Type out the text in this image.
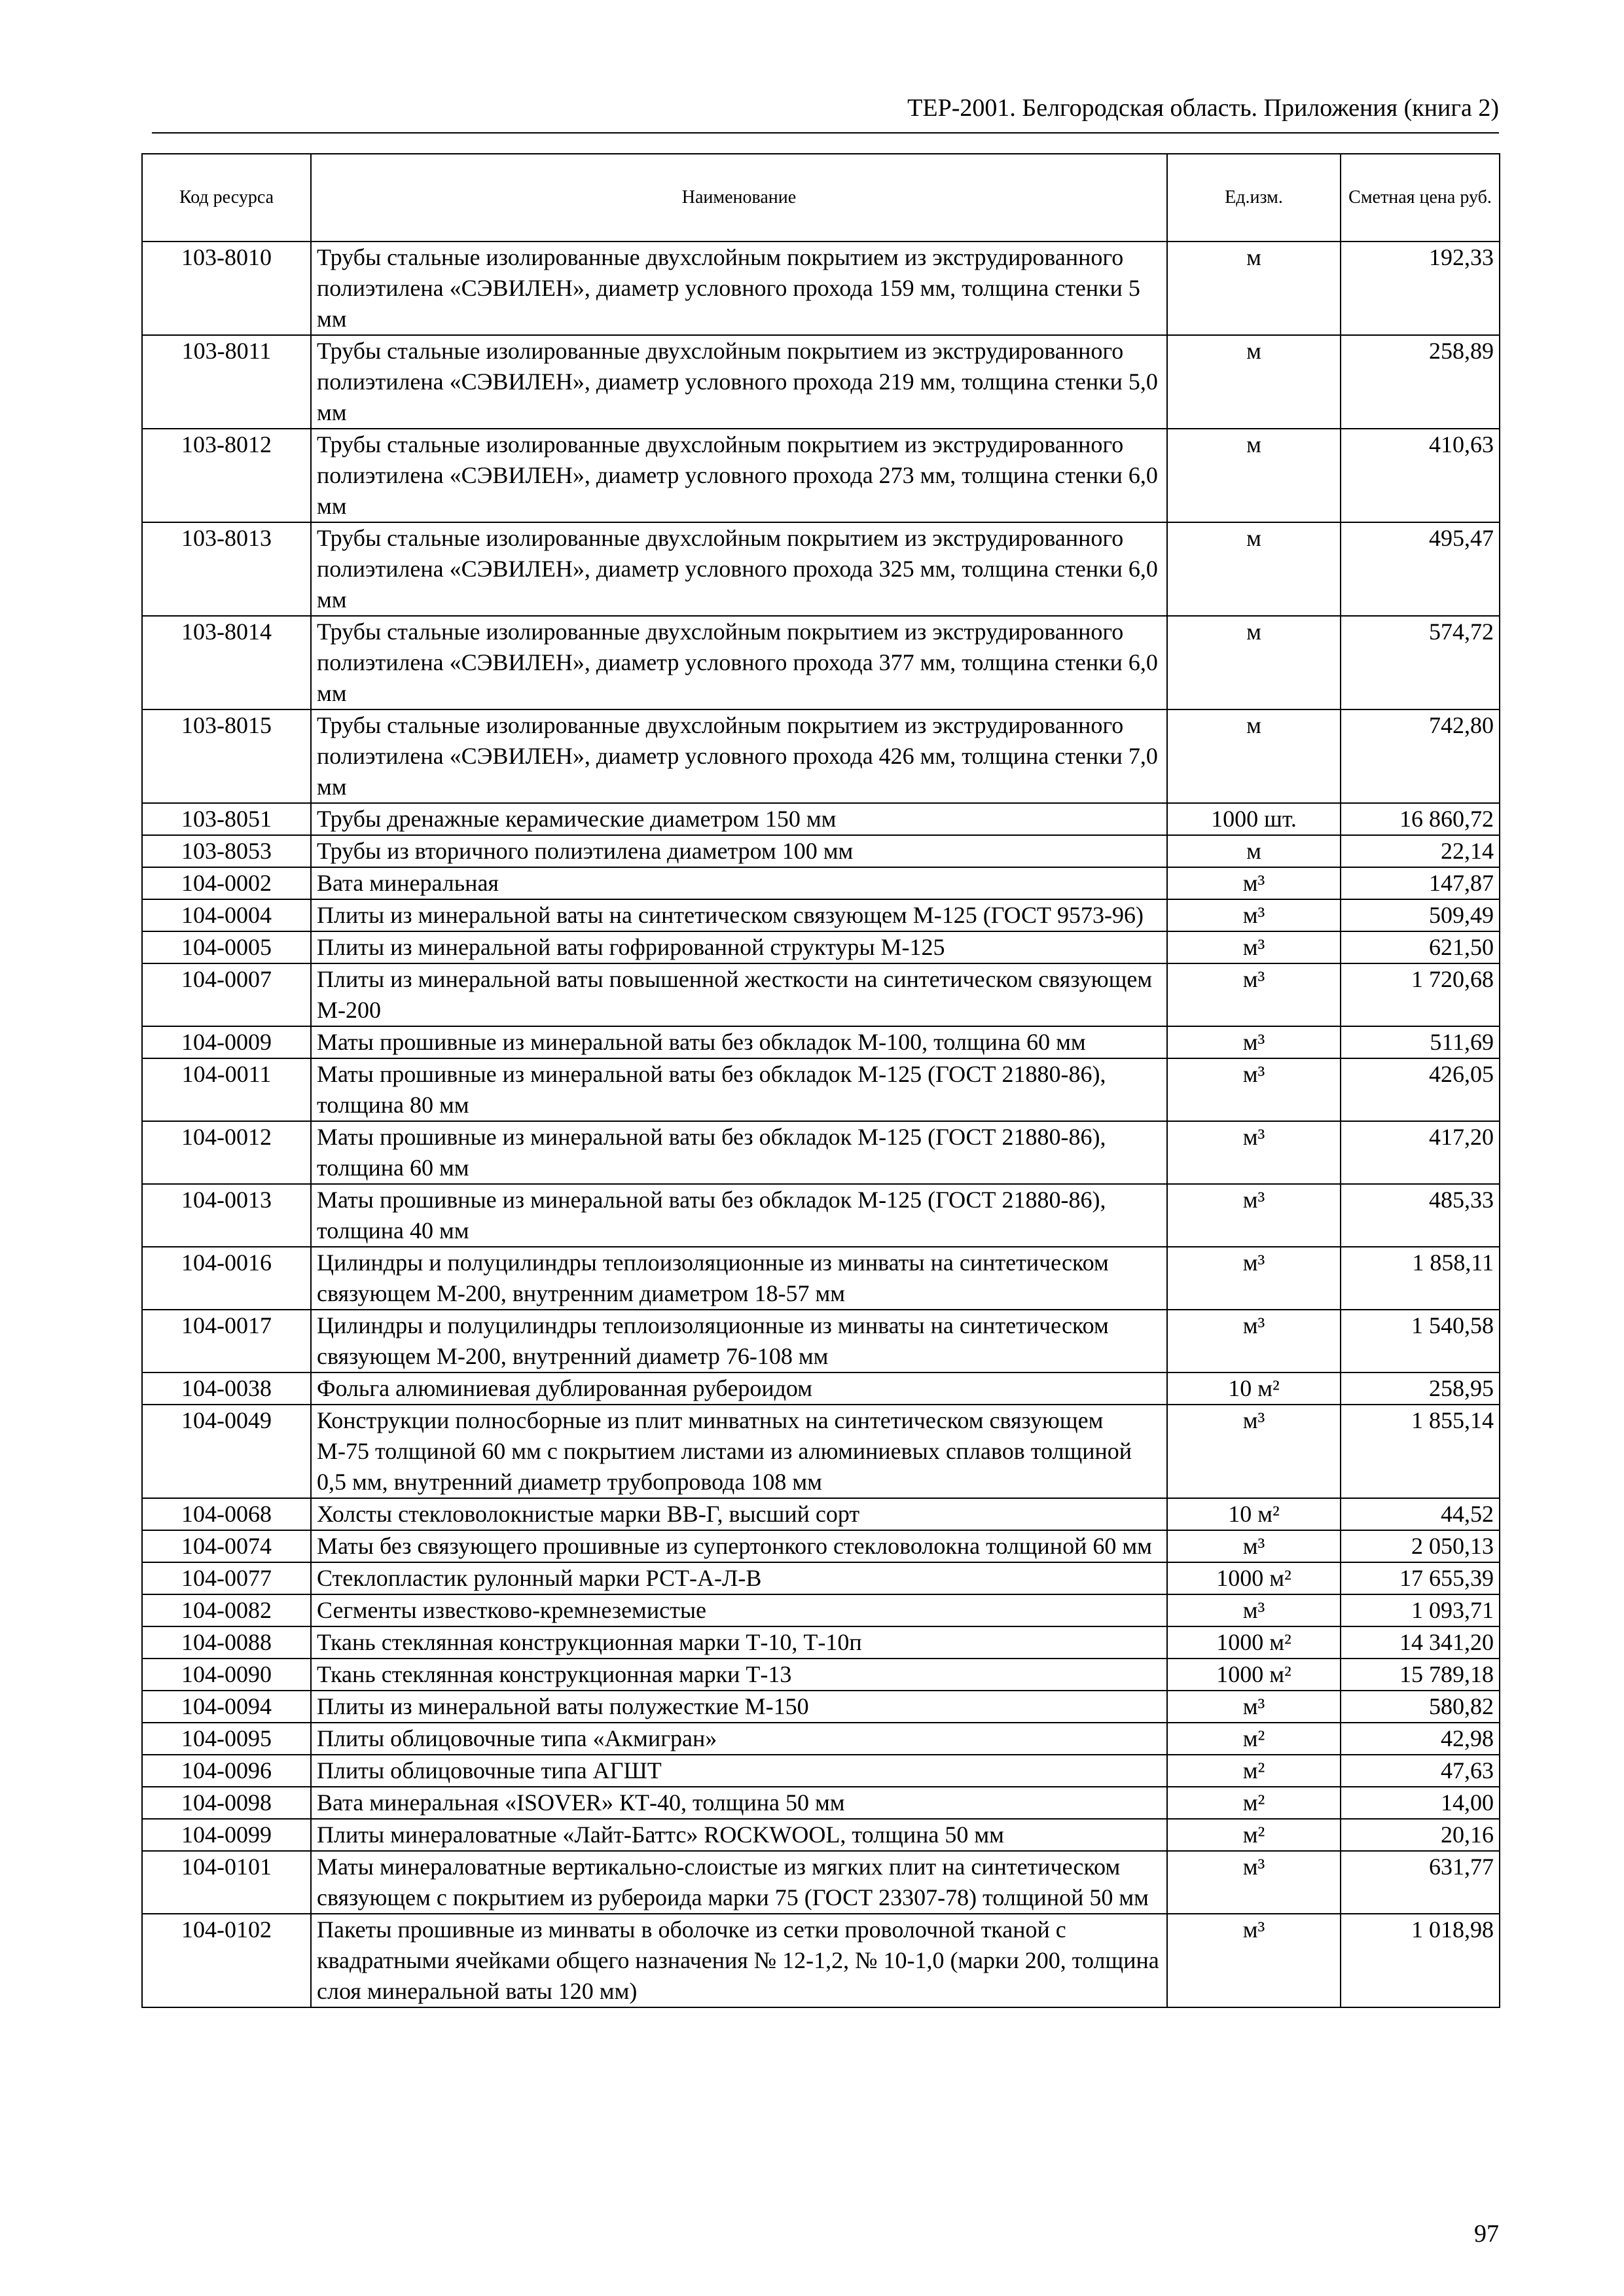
ТЕР-2001. Белгородская область. Приложения (книга 2)
Код ресурса	Наименование	Ед.изм.	Сметная цена руб.
103-8010	Трубы стальные изолированные двухслойным покрытием из экструдированного полиэтилена «СЭВИЛЕН», диаметр условного прохода 159 мм, толщина стенки 5 мм	м	192,33
103-8011	Трубы стальные изолированные двухслойным покрытием из экструдированного полиэтилена «СЭВИЛЕН», диаметр условного прохода 219 мм, толщина стенки 5,0 мм	м	258,89
103-8012	Трубы стальные изолированные двухслойным покрытием из экструдированного полиэтилена «СЭВИЛЕН», диаметр условного прохода 273 мм, толщина стенки 6,0 мм	м	410,63
103-8013	Трубы стальные изолированные двухслойным покрытием из экструдированного полиэтилена «СЭВИЛЕН», диаметр условного прохода 325 мм, толщина стенки 6,0 мм	м	495,47
103-8014	Трубы стальные изолированные двухслойным покрытием из экструдированного полиэтилена «СЭВИЛЕН», диаметр условного прохода 377 мм, толщина стенки 6,0 мм	м	574,72
103-8015	Трубы стальные изолированные двухслойным покрытием из экструдированного полиэтилена «СЭВИЛЕН», диаметр условного прохода 426 мм, толщина стенки 7,0 мм	м	742,80
103-8051	Трубы дренажные керамические диаметром 150 мм	1000 шт.	16 860,72
103-8053	Трубы из вторичного полиэтилена диаметром 100 мм	м	22,14
104-0002	Вата минеральная	м³	147,87
104-0004	Плиты из минеральной ваты на синтетическом связующем М-125 (ГОСТ 9573-96)	м³	509,49
104-0005	Плиты из минеральной ваты гофрированной структуры М-125	м³	621,50
104-0007	Плиты из минеральной ваты повышенной жесткости на синтетическом связующем М-200	м³	1 720,68
104-0009	Маты прошивные из минеральной ваты без обкладок М-100, толщина 60 мм	м³	511,69
104-0011	Маты прошивные из минеральной ваты без обкладок М-125 (ГОСТ 21880-86), толщина 80 мм	м³	426,05
104-0012	Маты прошивные из минеральной ваты без обкладок М-125 (ГОСТ 21880-86), толщина 60 мм	м³	417,20
104-0013	Маты прошивные из минеральной ваты без обкладок М-125 (ГОСТ 21880-86), толщина 40 мм	м³	485,33
104-0016	Цилиндры и полуцилиндры теплоизоляционные из минваты на синтетическом связующем М-200, внутренним диаметром 18-57 мм	м³	1 858,11
104-0017	Цилиндры и полуцилиндры теплоизоляционные из минваты на синтетическом связующем М-200, внутренний диаметр 76-108 мм	м³	1 540,58
104-0038	Фольга алюминиевая дублированная рубероидом	10 м²	258,95
104-0049	Конструкции полносборные из плит минватных на синтетическом связующем М-75 толщиной 60 мм с покрытием листами из алюминиевых сплавов толщиной 0,5 мм, внутренний диаметр трубопровода 108 мм	м³	1 855,14
104-0068	Холсты стекловолокнистые марки ВВ-Г, высший сорт	10 м²	44,52
104-0074	Маты без связующего прошивные из супертонкого стекловолокна толщиной 60 мм	м³	2 050,13
104-0077	Стеклопластик рулонный марки РСТ-А-Л-В	1000 м²	17 655,39
104-0082	Сегменты известково-кремнеземистые	м³	1 093,71
104-0088	Ткань стеклянная конструкционная марки Т-10, Т-10п	1000 м²	14 341,20
104-0090	Ткань стеклянная конструкционная марки Т-13	1000 м²	15 789,18
104-0094	Плиты из минеральной ваты полужесткие М-150	м³	580,82
104-0095	Плиты облицовочные типа «Акмигран»	м²	42,98
104-0096	Плиты облицовочные типа АГШТ	м²	47,63
104-0098	Вата минеральная «ISOVER» КТ-40, толщина 50 мм	м²	14,00
104-0099	Плиты минераловатные «Лайт-Баттс» ROCKWOOL, толщина 50 мм	м²	20,16
104-0101	Маты минераловатные вертикально-слоистые из мягких плит на синтетическом связующем с покрытием из рубероида марки 75 (ГОСТ 23307-78) толщиной 50 мм	м³	631,77
104-0102	Пакеты прошивные из минваты в оболочке из сетки проволочной тканой с квадратными ячейками общего назначения № 12-1,2, № 10-1,0 (марки 200, толщина слоя минеральной ваты 120 мм)	м³	1 018,98
97
